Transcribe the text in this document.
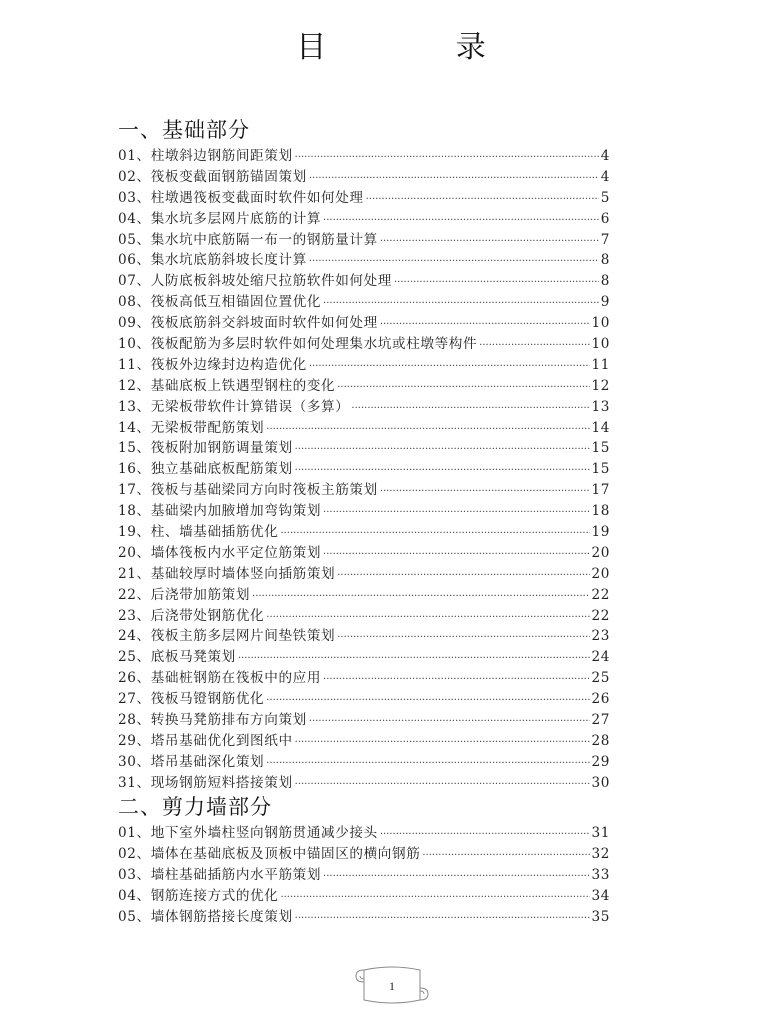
目 录
一、基础部分
01、 柱墩斜边钢筋间距策划 ·····	4
02、 筏板变截面钢筋锚固策划 ·····	4
03、 柱墩遇筏板变截面时软件如何处理 ·····	5
04、 集水坑多层网片底筋的计算 ·····	6
05、 集水坑中底筋隔一布一的钢筋量计算 ·····	7
06、 集水坑底筋斜坡长度计算 ·····	8
07、 人防底板斜坡处缩尺拉筋软件如何处理 ·····	8
08、 筏板高低互相锚固位置优化 ·····	9
09、 筏板底筋斜交斜坡面时软件如何处理 ·····	10
10、 筏板配筋为多层时软件如何处理集水坑或柱墩等构件 ·····	10
11、 筏板外边缘封边构造优化 ·····	11
12、 基础底板上铁遇型钢柱的变化 ·····	12
13、 无梁板带软件计算错误（多算） ·····	13
14、 无梁板带配筋策划 ·····	14
15、 筏板附加钢筋调量策划 ·····	15
16、 独立基础底板配筋策划 ·····	15
17、 筏板与基础梁同方向时筏板主筋策划 ·····	17
18、 基础梁内加腋增加弯钩策划 ·····	18
19、 柱、墙基础插筋优化 ·····	19
20、 墙体筏板内水平定位筋策划 ·····	20
21、 基础较厚时墙体竖向插筋策划 ·····	20
22、 后浇带加筋策划 ·····	22
23、 后浇带处钢筋优化 ·····	22
24、 筏板主筋多层网片间垫铁策划 ·····	23
25、 底板马凳策划 ·····	24
26、 基础桩钢筋在筏板中的应用 ·····	25
27、 筏板马镫钢筋优化 ·····	26
28、 转换马凳筋排布方向策划 ·····	27
29、 塔吊基础优化到图纸中 ·····	28
30、 塔吊基础深化策划 ·····	29
31、 现场钢筋短料搭接策划 ·····	30
二、剪力墙部分
01、 地下室外墙柱竖向钢筋贯通减少接头 ·····	31
02、 墙体在基础底板及顶板中锚固区的横向钢筋 ·····	32
03、 墙柱基础插筋内水平筋策划 ·····	33
04、 钢筋连接方式的优化 ·····	34
05、 墙体钢筋搭接长度策划 ·····	35
1
